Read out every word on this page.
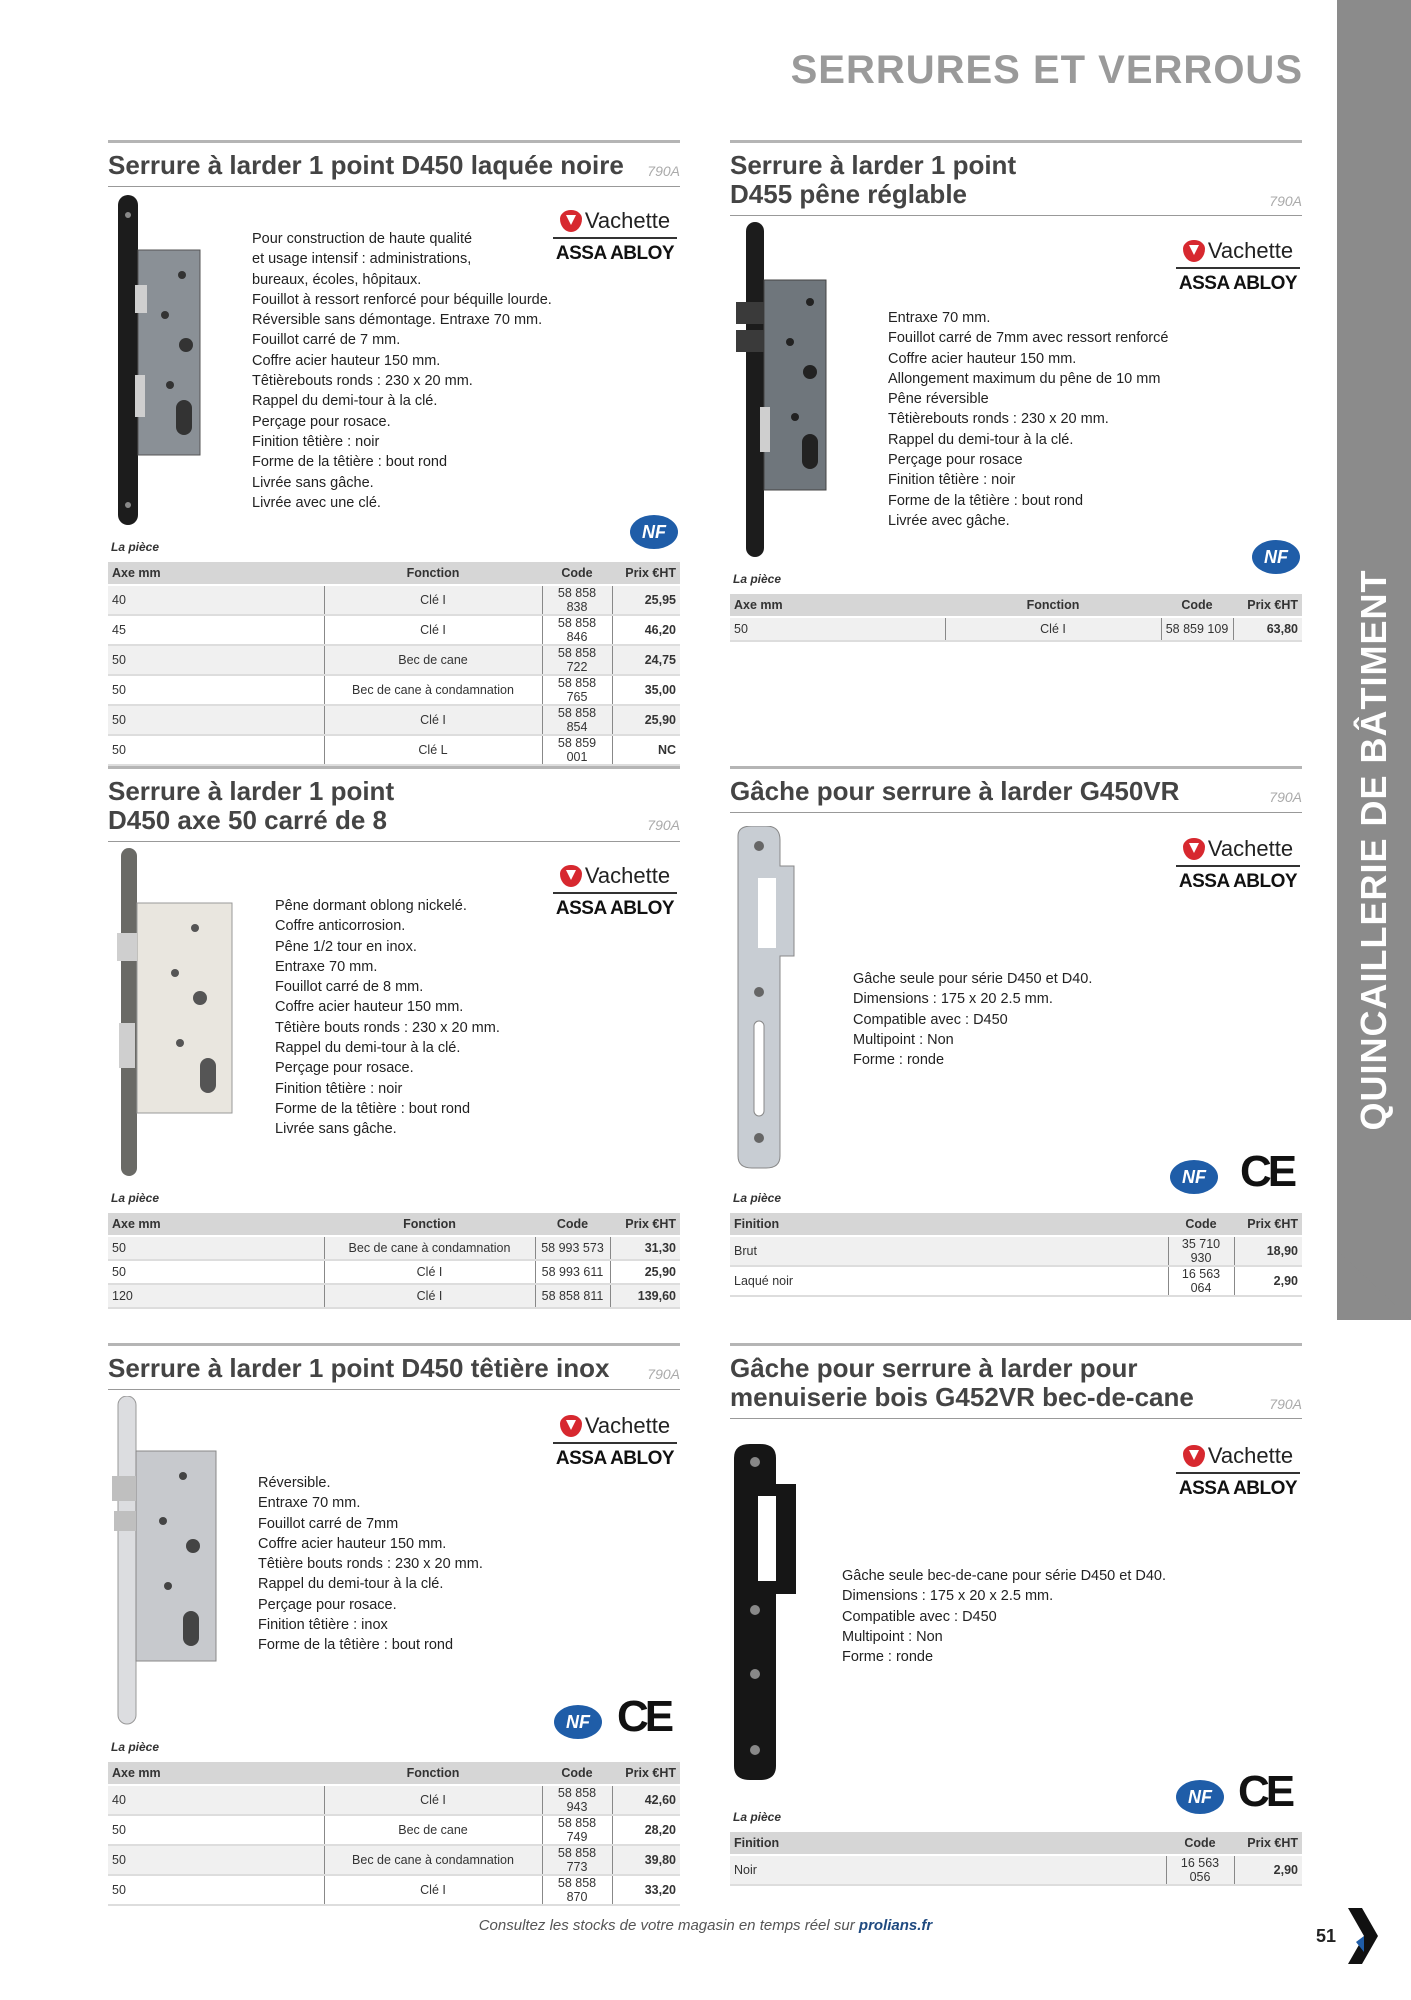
SERRURES ET VERROUS
QUINCAILLERIE DE BÂTIMENT
Serrure à larder 1 point D450 laquée noire	790A
Vachette
ASSA ABLOY
Pour construction de haute qualité
et usage intensif : administrations,
bureaux, écoles, hôpitaux.
Fouillot à ressort renforcé pour béquille lourde.
Réversible sans démontage. Entraxe 70 mm.
Fouillot carré de 7 mm.
Coffre acier hauteur 150 mm.
Têtièrebouts ronds : 230 x 20 mm.
Rappel du demi-tour à la clé.
Perçage pour rosace.
Finition têtière : noir
Forme de la têtière : bout rond
Livrée sans gâche.
Livrée avec une clé.
NF
La pièce
Axe mm	Fonction	Code	Prix €HT
40	Clé I	58 858 838	25,95
45	Clé I	58 858 846	46,20
50	Bec de cane	58 858 722	24,75
50	Bec de cane à condamnation	58 858 765	35,00
50	Clé I	58 858 854	25,90
50	Clé L	58 859 001	NC
Serrure à larder 1 point
D455 pêne réglable	790A
Vachette
ASSA ABLOY
Entraxe 70 mm.
Fouillot carré de 7mm avec ressort renforcé
Coffre acier hauteur 150 mm.
Allongement maximum du pêne de 10 mm
Pêne réversible
Têtièrebouts ronds : 230 x 20 mm.
Rappel du demi-tour à la clé.
Perçage pour rosace
Finition têtière : noir
Forme de la têtière : bout rond
Livrée avec gâche.
NF
La pièce
Axe mm	Fonction	Code	Prix €HT
50	Clé I	58 859 109	63,80
Serrure à larder 1 point
D450 axe 50 carré de 8	790A
Vachette
ASSA ABLOY
Pêne dormant oblong nickelé.
Coffre anticorrosion.
Pêne 1/2 tour en inox.
Entraxe 70 mm.
Fouillot carré de 8 mm.
Coffre acier hauteur 150 mm.
Têtière bouts ronds : 230 x 20 mm.
Rappel du demi-tour à la clé.
Perçage pour rosace.
Finition têtière : noir
Forme de la têtière : bout rond
Livrée sans gâche.
La pièce
Axe mm	Fonction	Code	Prix €HT
50	Bec de cane à condamnation	58 993 573	31,30
50	Clé I	58 993 611	25,90
120	Clé I	58 858 811	139,60
Gâche pour serrure à larder G450VR	790A
Vachette
ASSA ABLOY
Gâche seule pour série D450 et D40.
Dimensions : 175 x 20 2.5 mm.
Compatible avec : D450
Multipoint : Non
Forme : ronde
NF CE
La pièce
Finition	Code	Prix €HT
Brut	35 710 930	18,90
Laqué noir	16 563 064	2,90
Serrure à larder 1 point D450 têtière inox	790A
Vachette
ASSA ABLOY
Réversible.
Entraxe 70 mm.
Fouillot carré de 7mm
Coffre acier hauteur 150 mm.
Têtière bouts ronds : 230 x 20 mm.
Rappel du demi-tour à la clé.
Perçage pour rosace.
Finition têtière : inox
Forme de la têtière : bout rond
NF CE
La pièce
Axe mm	Fonction	Code	Prix €HT
40	Clé I	58 858 943	42,60
50	Bec de cane	58 858 749	28,20
50	Bec de cane à condamnation	58 858 773	39,80
50	Clé I	58 858 870	33,20
Gâche pour serrure à larder pour
menuiserie bois G452VR bec-de-cane	790A
Vachette
ASSA ABLOY
Gâche seule bec-de-cane pour série D450 et D40.
Dimensions : 175 x 20 x 2.5 mm.
Compatible avec : D450
Multipoint : Non
Forme : ronde
NF CE
La pièce
Finition	Code	Prix €HT
Noir	16 563 056	2,90
Consultez les stocks de votre magasin en temps réel sur prolians.fr
51
